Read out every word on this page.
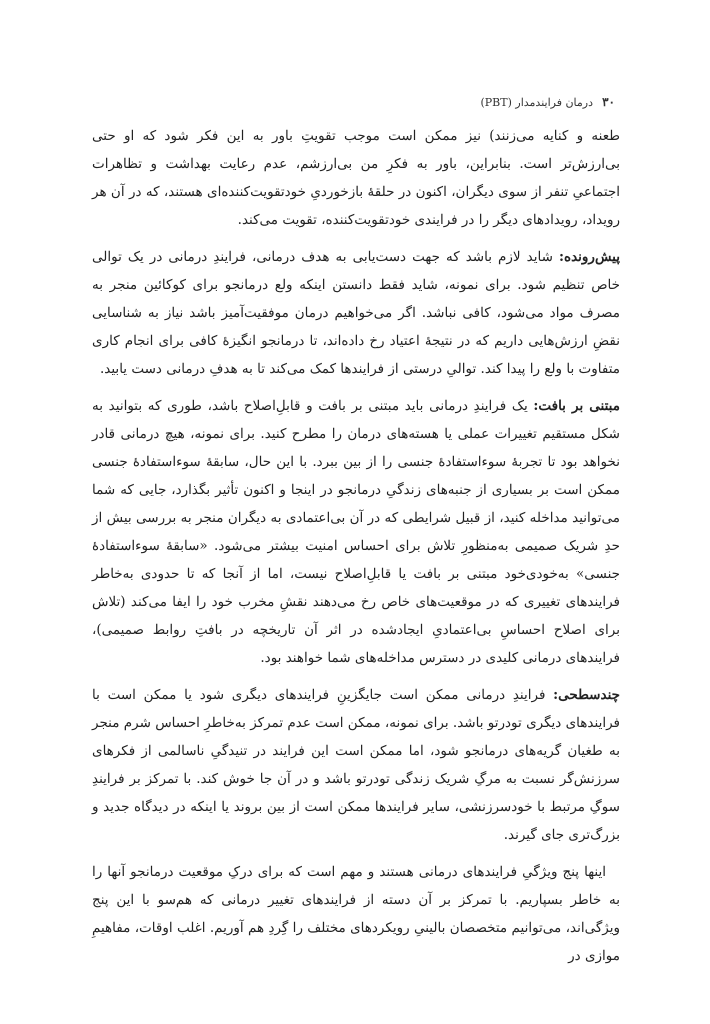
۳۰
درمان فرایندمدار (PBT)

طعنه و کنایه می‌زنند) نیز ممکن است موجب تقویتِ باور به این فکر شود که او حتی بی‌ارزش‌تر است. بنابراین، باور به فکرِ من بی‌ارزشم، عدم رعایت بهداشت و تظاهرات اجتماعیِ تنفر از سوی دیگران، اکنون در حلقهٔ بازخوردیِ خودتقویت‌کننده‌ای هستند، که در آن هر رویداد، رویدادهای دیگر را در فرایندی خودتقویت‌کننده، تقویت می‌کند.

پیش‌رونده: شاید لازم باشد که جهت دست‌یابی به هدف درمانی، فرایندِ درمانی در یک توالی خاص تنظیم شود. برای نمونه، شاید فقط دانستن اینکه ولع درمانجو برای کوکائین منجر به مصرف مواد می‌شود، کافی نباشد. اگر می‌خواهیم درمان موفقیت‌آمیز باشد نیاز به شناسایی نقضِ ارزش‌هایی داریم که در نتیجهٔ اعتیاد رخ داده‌اند، تا درمانجو انگیزهٔ کافی برای انجام کاری متفاوت با ولع را پیدا کند. توالیِ درستی از فرایندها کمک می‌کند تا به هدفِ درمانی دست یابید.

مبتنی بر بافت: یک فرایندِ درمانی باید مبتنی بر بافت و قابلِ‌اصلاح باشد، طوری که بتوانید به شکل مستقیم تغییرات عملی یا هسته‌های درمان را مطرح کنید. برای نمونه، هیچ درمانی قادر نخواهد بود تا تجربهٔ سوءاستفادهٔ جنسی را از بین ببرد. با این حال، سابقهٔ سوءاستفادهٔ جنسی ممکن است بر بسیاری از جنبه‌های زندگیِ درمانجو در اینجا و اکنون تأثیر بگذارد، جایی که شما می‌توانید مداخله کنید، از قبیل شرایطی که در آن بی‌اعتمادی به دیگران منجر به بررسی بیش از حدِ شریک صمیمی به‌منظورِ تلاش برای احساس امنیت بیشتر می‌شود. «سابقهٔ سوءاستفادهٔ جنسی» به‌خودی‌خود مبتنی بر بافت یا قابلِ‌اصلاح نیست، اما از آنجا که تا حدودی به‌خاطر فرایندهای تغییری که در موقعیت‌های خاص رخ می‌دهند نقشِ مخرب خود را ایفا می‌کند (تلاش برای اصلاح احساسِ بی‌اعتمادیِ ایجادشده در اثر آن تاریخچه در بافتِ روابط صمیمی)، فرایندهای درمانی کلیدی در دسترس مداخله‌های شما خواهند بود.

چندسطحی: فرایندِ درمانی ممکن است جایگزینِ فرایندهای دیگری شود یا ممکن است با فرایندهای دیگری تودرتو باشد. برای نمونه، ممکن است عدم تمرکز به‌خاطرِ احساس شرم منجر به طغیان گریه‌های درمانجو شود، اما ممکن است این فرایند در تنیدگیِ ناسالمی از فکرهای سرزنش‌گر نسبت به مرگِ شریک زندگی تودرتو باشد و در آن جا خوش کند. با تمرکز بر فرایندِ سوگِ مرتبط با خودسرزنشی، سایر فرایندها ممکن است از بین بروند یا اینکه در دیدگاه جدید و بزرگ‌تری جای گیرند.

اینها پنج ویژگیِ فرایندهای درمانی هستند و مهم است که برای درکِ موقعیت درمانجو آنها را به خاطر بسپاریم. با تمرکز بر آن دسته از فرایندهای تغییر درمانی که هم‌سو با این پنج ویژگی‌اند، می‌توانیم متخصصان بالینیِ رویکردهای مختلف را گِردِ هم آوریم. اغلب اوقات، مفاهیمِ موازی در
